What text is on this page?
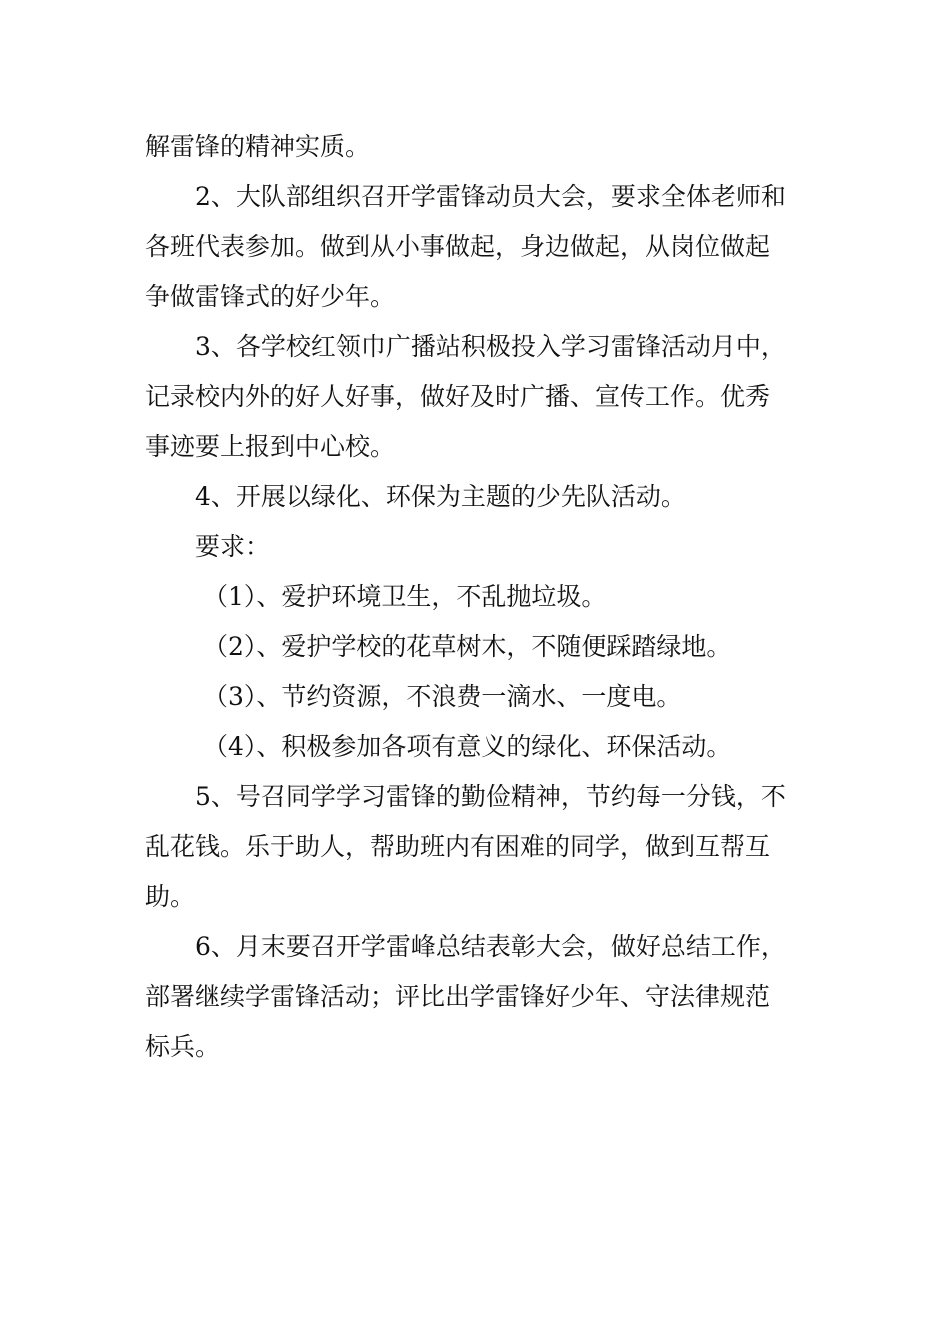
解雷锋的精神实质。
2、大队部组织召开学雷锋动员大会，要求全体老师和
各班代表参加。做到从小事做起，身边做起，从岗位做起
争做雷锋式的好少年。
3、各学校红领巾广播站积极投入学习雷锋活动月中，
记录校内外的好人好事，做好及时广播、宣传工作。优秀
事迹要上报到中心校。
4、开展以绿化、环保为主题的少先队活动。
要求：
（1）、爱护环境卫生，不乱抛垃圾。
（2）、爱护学校的花草树木，不随便踩踏绿地。
（3）、节约资源，不浪费一滴水、一度电。
（4）、积极参加各项有意义的绿化、环保活动。
5、号召同学学习雷锋的勤俭精神，节约每一分钱，不
乱花钱。乐于助人，帮助班内有困难的同学，做到互帮互
助。
6、月末要召开学雷峰总结表彰大会，做好总结工作，
部署继续学雷锋活动；评比出学雷锋好少年、守法律规范
标兵。
